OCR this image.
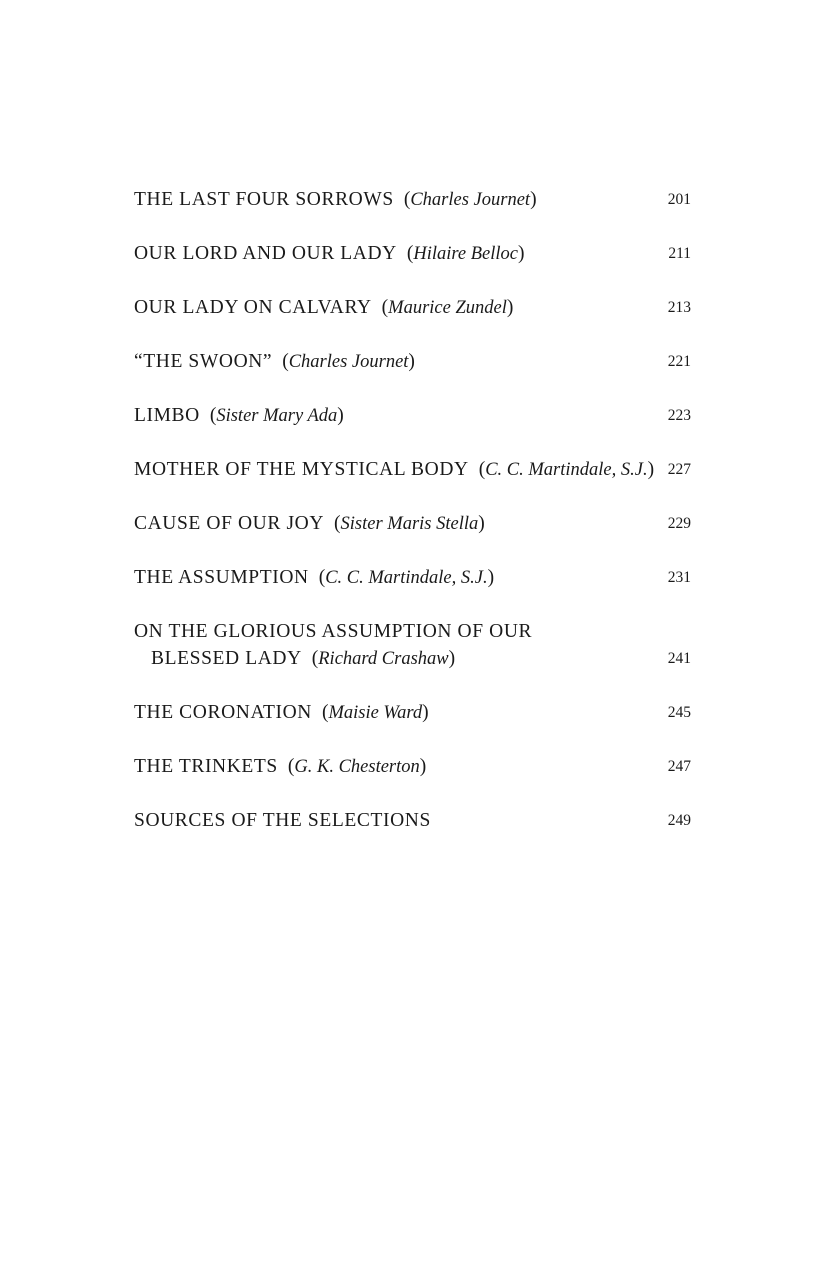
THE LAST FOUR SORROWS (Charles Journet)	201
OUR LORD AND OUR LADY (Hilaire Belloc)	211
OUR LADY ON CALVARY (Maurice Zundel)	213
“THE SWOON” (Charles Journet)	221
LIMBO (Sister Mary Ada)	223
MOTHER OF THE MYSTICAL BODY (C. C. Martindale, S.J.) 227
CAUSE OF OUR JOY (Sister Maris Stella)	229
THE ASSUMPTION (C. C. Martindale, S.J.)	231
ON THE GLORIOUS ASSUMPTION OF OUR
BLESSED LADY (Richard Crashaw)	241
THE CORONATION (Maisie Ward)	245
THE TRINKETS (G. K. Chesterton)	247
SOURCES OF THE SELECTIONS	249
